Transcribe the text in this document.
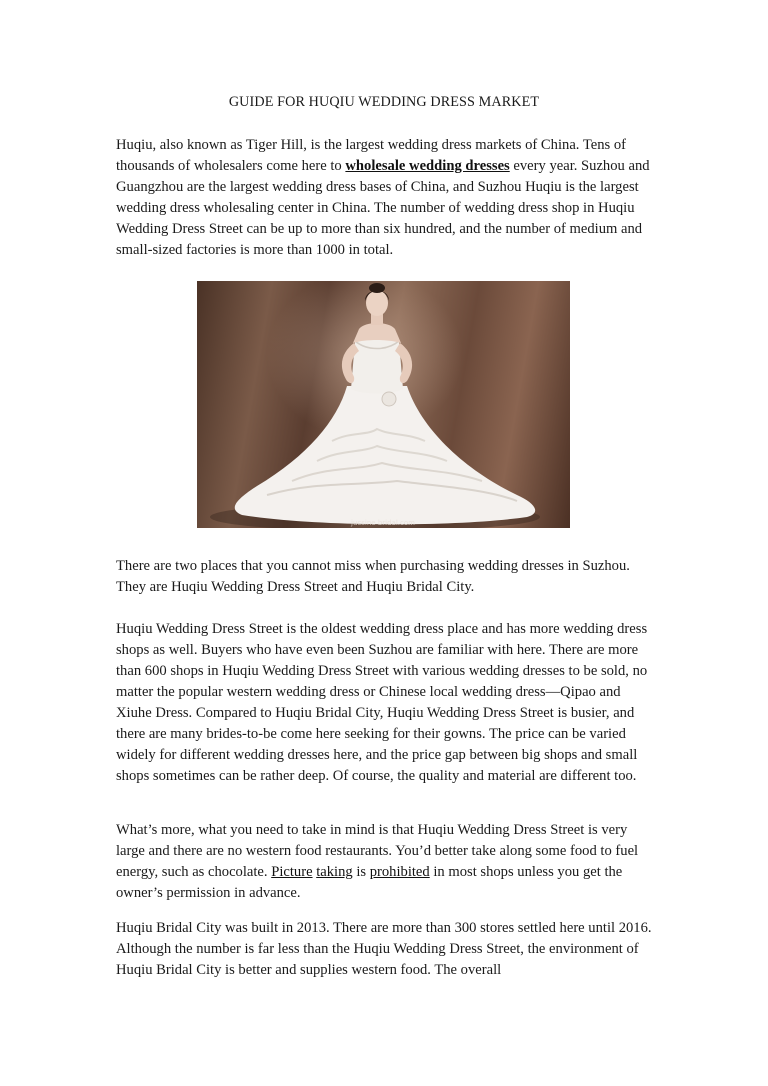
GUIDE FOR HUQIU WEDDING DRESS MARKET

Huqiu, also known as Tiger Hill, is the largest wedding dress markets of China. Tens of thousands of wholesalers come here to wholesale wedding dresses every year. Suzhou and Guangzhou are the largest wedding dress bases of China, and Suzhou Huqiu is the largest wedding dress wholesaling center in China. The number of wedding dress shop in Huqiu Wedding Dress Street can be up to more than six hundred, and the number of medium and small-sized factories is more than 1000 in total.

jucsine bridal.com

There are two places that you cannot miss when purchasing wedding dresses in Suzhou. They are Huqiu Wedding Dress Street and Huqiu Bridal City.

Huqiu Wedding Dress Street is the oldest wedding dress place and has more wedding dress shops as well. Buyers who have even been Suzhou are familiar with here. There are more than 600 shops in Huqiu Wedding Dress Street with various wedding dresses to be sold, no matter the popular western wedding dress or Chinese local wedding dress—Qipao and Xiuhe Dress. Compared to Huqiu Bridal City, Huqiu Wedding Dress Street is busier, and there are many brides-to-be come here seeking for their gowns. The price can be varied widely for different wedding dresses here, and the price gap between big shops and small shops sometimes can be rather deep. Of course, the quality and material are different too.

What’s more, what you need to take in mind is that Huqiu Wedding Dress Street is very large and there are no western food restaurants. You’d better take along some food to fuel energy, such as chocolate. Picture taking is prohibited in most shops unless you get the owner’s permission in advance.

Huqiu Bridal City was built in 2013. There are more than 300 stores settled here until 2016. Although the number is far less than the Huqiu Wedding Dress Street, the environment of Huqiu Bridal City is better and supplies western food. The overall
